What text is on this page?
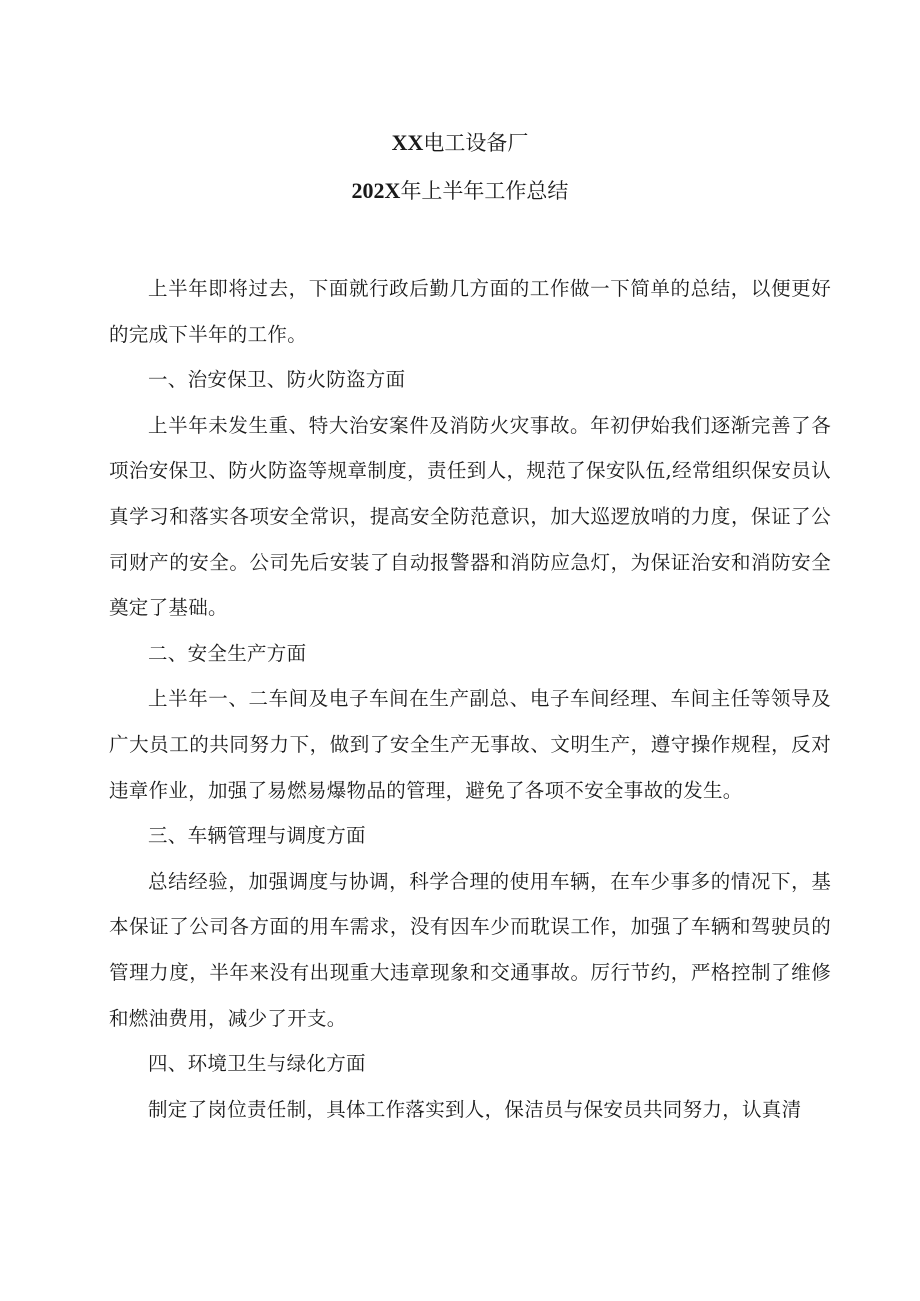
XX电工设备厂
202X年上半年工作总结

上半年即将过去，下面就行政后勤几方面的工作做一下简单的总结，以便更好的完成下半年的工作。

一、治安保卫、防火防盗方面

上半年未发生重、特大治安案件及消防火灾事故。年初伊始我们逐渐完善了各项治安保卫、防火防盗等规章制度，责任到人，规范了保安队伍,经常组织保安员认真学习和落实各项安全常识，提高安全防范意识，加大巡逻放哨的力度，保证了公司财产的安全。公司先后安装了自动报警器和消防应急灯，为保证治安和消防安全奠定了基础。

二、安全生产方面

上半年一、二车间及电子车间在生产副总、电子车间经理、车间主任等领导及广大员工的共同努力下，做到了安全生产无事故、文明生产，遵守操作规程，反对违章作业，加强了易燃易爆物品的管理，避免了各项不安全事故的发生。

三、车辆管理与调度方面

总结经验，加强调度与协调，科学合理的使用车辆，在车少事多的情况下，基本保证了公司各方面的用车需求，没有因车少而耽误工作，加强了车辆和驾驶员的管理力度，半年来没有出现重大违章现象和交通事故。厉行节约，严格控制了维修和燃油费用，减少了开支。

四、环境卫生与绿化方面

制定了岗位责任制，具体工作落实到人，保洁员与保安员共同努力，认真清
